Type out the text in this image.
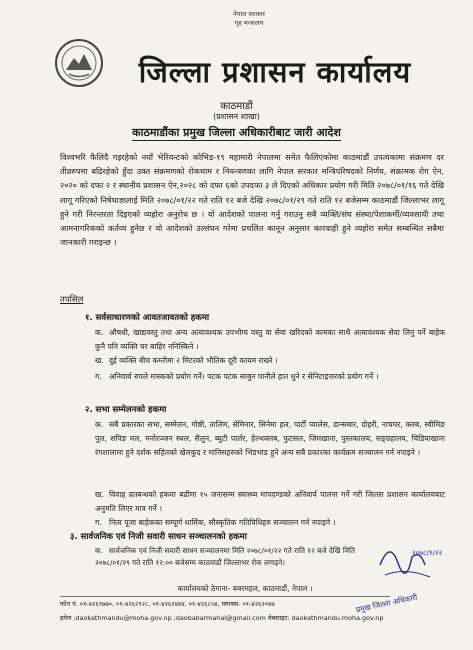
नेपाल सरकार
गृह मन्त्रालय
जिल्ला प्रशासन कार्यालय
काठमाडौं
(प्रशासन शाखा)
काठमाडौंका प्रमुख जिल्ला अधिकारीबाट जारी आदेश
विश्वभरि फैलिदै गइरहेको नयाँ भेरियन्टको कोभिड-१९ महामारी नेपालमा समेत फैलिएकोमा काठमाडौं उपत्यकामा संक्रमण दर तीव्ररुपमा बढिरहेको हुँदा उक्त संक्रमणको रोकथाम र नियन्त्रणका लागि नेपाल सरकार मन्त्रिपरिषदको निर्णय, संक्रामक रोग ऐन, २०२० को दफा २ र स्थानीय प्रशासन ऐन,२०२८ को दफा ६को उपदफा ३ ले दिएको अधिकार प्रयोग गरी मिति २०७८/०१/१६ गते देखि लागू गरिएको निषेधाज्ञालाई मिति २०७८/०१/२२ गते राति १२ बजे देखि २०७८/०१/२९ गते राति १२ बजेसम्म काठमाडौं जिल्लाभर लागू हुने गरी निरन्तरता दिइएको व्यहोरा अनुरोध छ । यो आदेशको पालना गर्नु गराउनु सबै व्यक्ति/संघ संस्था/पेशाकर्मी/व्यवसायी तथा आमनागरिकको कर्तव्य हुनेछ र यो आदेशको उल्लंघन गरेमा प्रचलित कानून अनुसार कारवाही हुने व्यहोरा समेत सम्बन्धित सबैमा जानकारी गराइन्छ ।
तपसिल
१. सर्वसाधारणको आवतजावतको हकमा
क. औषधी, खाद्यवस्तु तथा अन्य अत्यावश्यक उपभोग्य वस्तु वा सेवा खरिदको कामका साथै अत्यावश्यक सेवा लिनु पर्ने बाहेक कुनै पनि व्यक्ति घर बाहिर ननिस्किने ।
ख. दुई व्यक्ति बीच कम्तीमा २ मिटरको भौतिक दूरी कायम राख्ने ।
ग. अनिवार्य रुपले मास्कको प्रयोग गर्ने। पटक पटक साबुन पानीले हात धुने र सेनिटाइजरको प्रयोग गर्ने ।
२. सभा सम्मेलनको हकमा
क. सबै प्रकारका सभा, सम्मेलन, गोष्ठी, तालिम, सेमिनार, सिनेमा हल, पार्टी प्यालेस, डान्सबार, दोहरी, नाचघर, क्लब, स्वीमिङ पुल, सपिङ मल, मनोरञ्जन स्थल, सैलुन, ब्युटी पार्लर, हेल्थक्लब, फुटसल, जिमखाना, पुस्तकालय, सङ्ग्रहालय, चिडियाखाना रंगशालामा हुने दर्शक सहितको खेलकुद र मानिसहरुको भिडभाड हुने अन्य सबै प्रकारका कार्यक्रम सञ्चालन गर्न नपाइने ।
ख. विवाह व्रतबन्धको हकमा बढीमा १५ जनासम्म स्वास्थ्य मापदण्डको अनिवार्य पालना गर्ने गरी जिल्ला प्रशासन कार्यालयबाट अनुमति लिएर मात्र गर्ने ।
ग. नित्य पूजा बाहेकका सम्पूर्ण धार्मिक, सौस्कृतिक गतिविधिहरु सञ्चालन गर्न नपाइने ।
३. सार्वजनिक एवं निजी सवारी साधन सञ्चालनको हकमा
क. सार्वजनिक एवं निजी सवारी साधन सञ्चालनमा मिति २०७८/०१/२२ गते राति १२ बजे देखि मिति २०७८/०१/२९ गते राति १२:०० बजेसम्म काठमाडौं जिल्लाभर रोक लगाइने।
कार्यालयको ठेगाना- बबरमहल, काठमाडौं, नेपाल ।
फोन नं. ०१-४२६१७७०, ०१-४२६२९२८, ०१-४२६२४४४, ०१-४२६८५४, फ्याक्स- ०१-४२६२०४७
इमेल :daokathmandu@moha.gov.np ;daobabarmahal@gmail.com वेबसाइट: daokathmandu.moha.gov.np
२०७८/१/२२
प्रमुख जिल्ला अधिकारी
